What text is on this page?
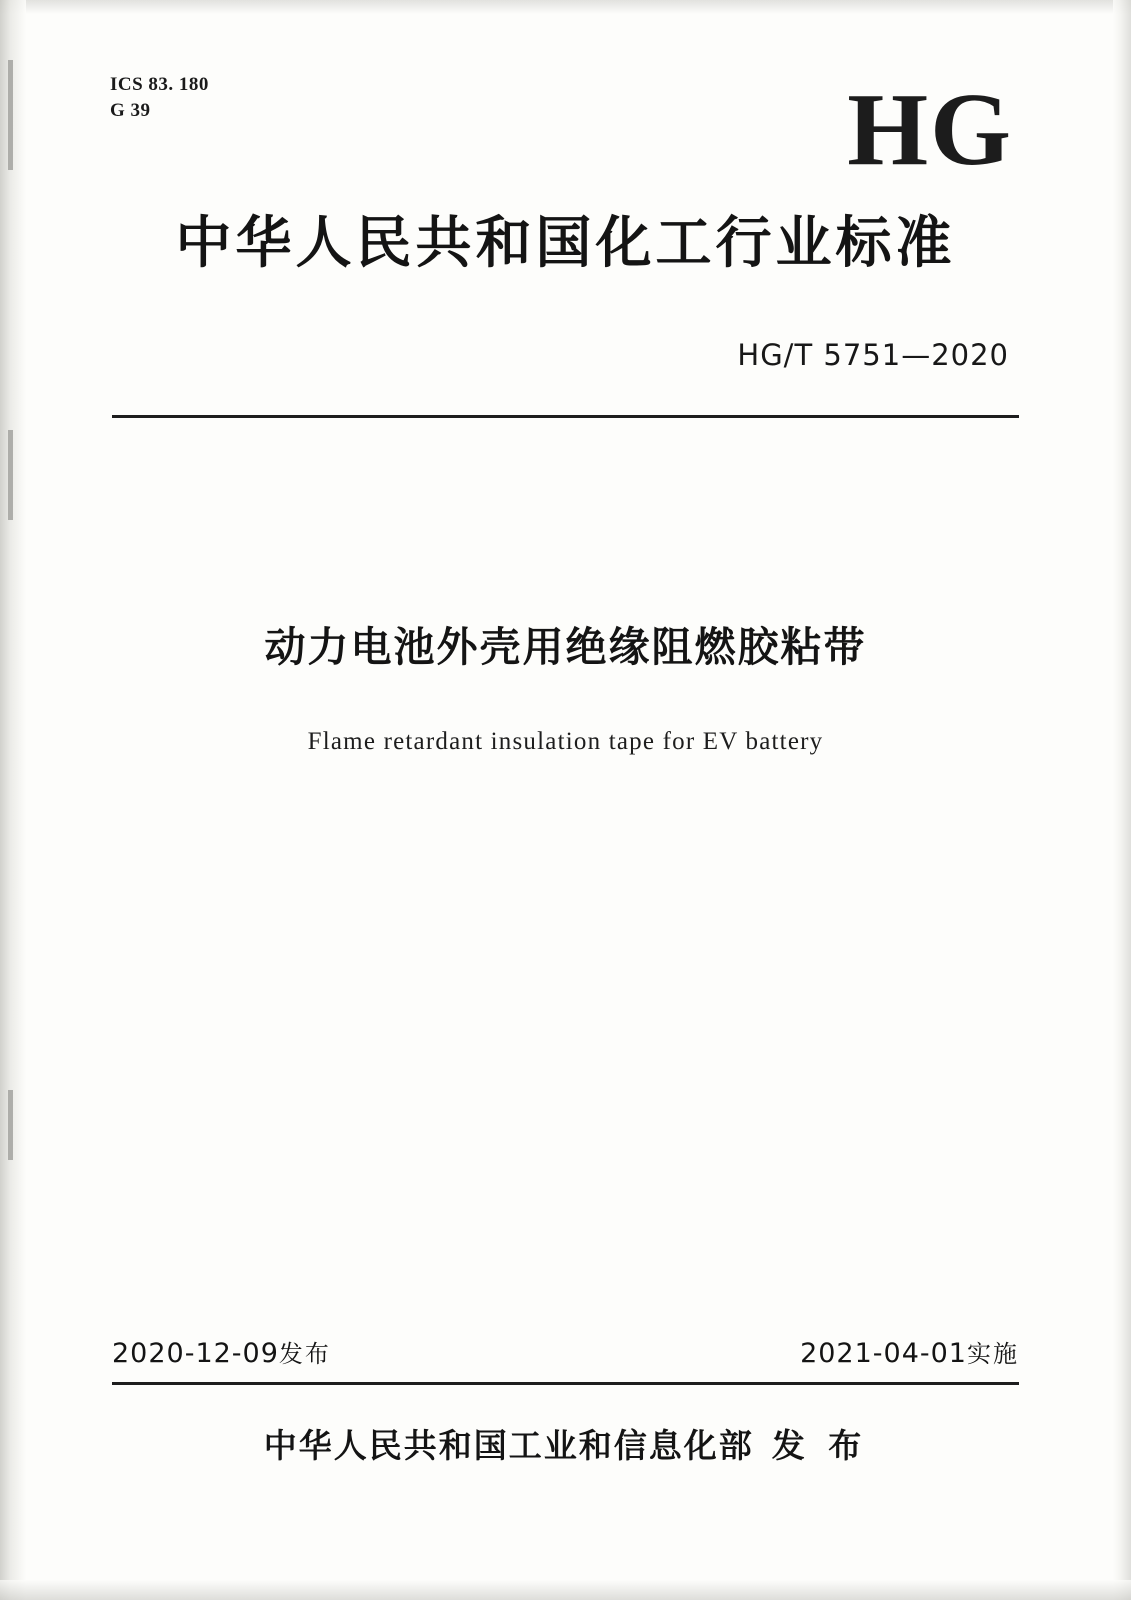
ICS 83. 180
G 39	HG
中华人民共和国化工行业标准
HG/T 5751—2020
动力电池外壳用绝缘阻燃胶粘带
Flame retardant insulation tape for EV battery
2020-12-09发布	2021-04-01实施
中华人民共和国工业和信息化部 发 布
